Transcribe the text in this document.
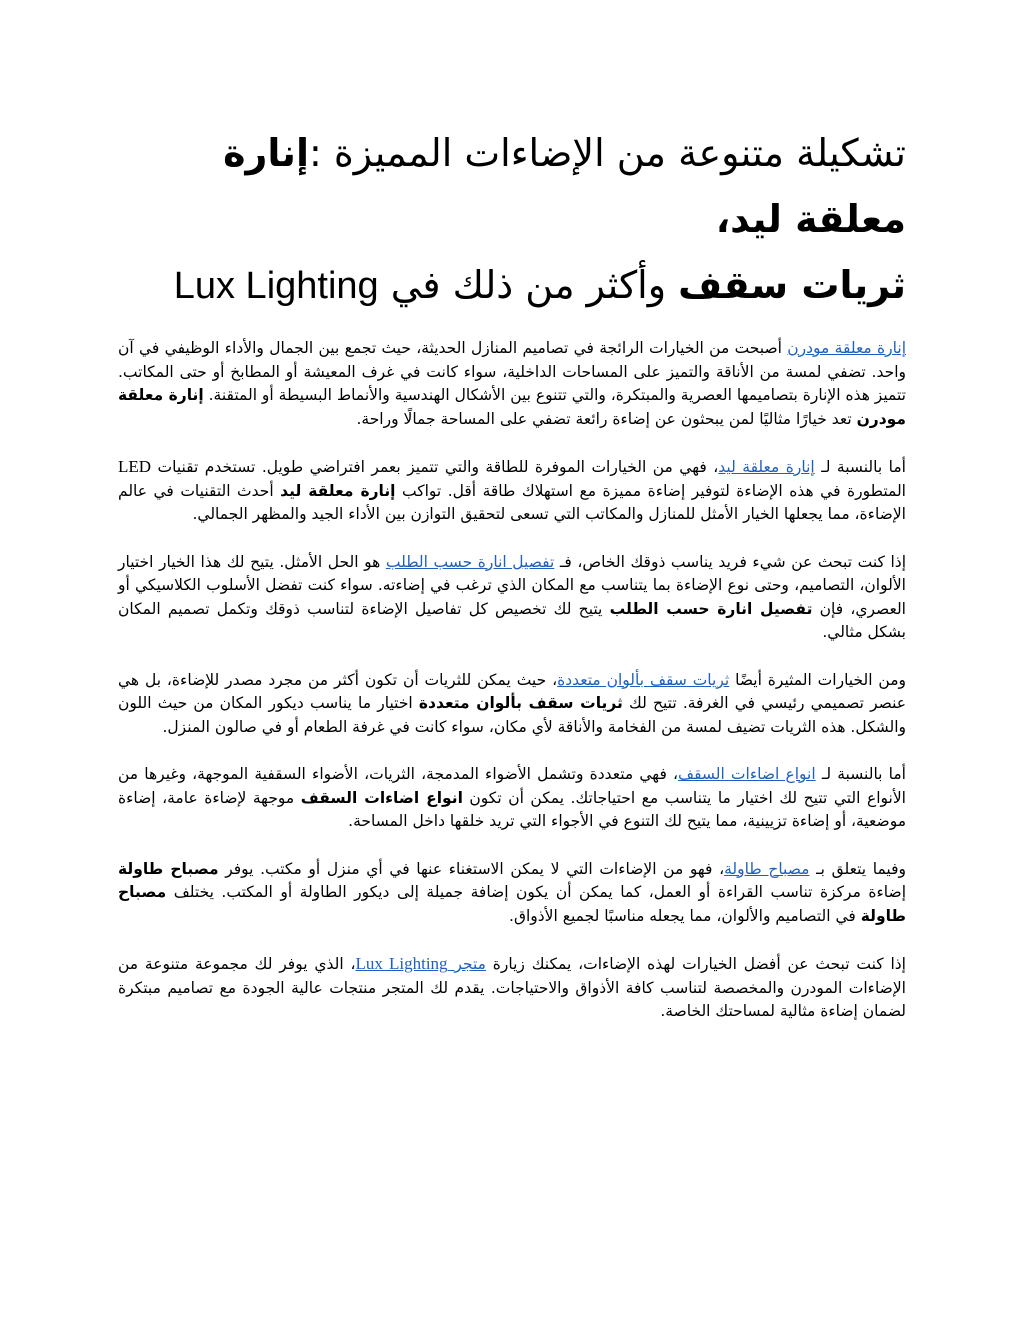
تشكيلة متنوعة من الإضاءات المميزة :إنارة معلقة ليد،
ثريات سقف وأكثر من ذلك في Lux Lighting

إنارة معلقة مودرن أصبحت من الخيارات الرائجة في تصاميم المنازل الحديثة، حيث تجمع بين الجمال والأداء الوظيفي في آن واحد. تضفي لمسة من الأناقة والتميز على المساحات الداخلية، سواء كانت في غرف المعيشة أو المطابخ أو حتى المكاتب. تتميز هذه الإنارة بتصاميمها العصرية والمبتكرة، والتي تتنوع بين الأشكال الهندسية والأنماط البسيطة أو المتقنة. إنارة معلقة مودرن تعد خيارًا مثاليًا لمن يبحثون عن إضاءة رائعة تضفي على المساحة جمالًا وراحة.

أما بالنسبة لـ إنارة معلقة ليد، فهي من الخيارات الموفرة للطاقة والتي تتميز بعمر افتراضي طويل. تستخدم تقنيات LED المتطورة في هذه الإضاءة لتوفير إضاءة مميزة مع استهلاك طاقة أقل. تواكب إنارة معلقة ليد أحدث التقنيات في عالم الإضاءة، مما يجعلها الخيار الأمثل للمنازل والمكاتب التي تسعى لتحقيق التوازن بين الأداء الجيد والمظهر الجمالي.

إذا كنت تبحث عن شيء فريد يناسب ذوقك الخاص، فـ تفصيل انارة حسب الطلب هو الحل الأمثل. يتيح لك هذا الخيار اختيار الألوان، التصاميم، وحتى نوع الإضاءة بما يتناسب مع المكان الذي ترغب في إضاءته. سواء كنت تفضل الأسلوب الكلاسيكي أو العصري، فإن تفصيل انارة حسب الطلب يتيح لك تخصيص كل تفاصيل الإضاءة لتناسب ذوقك وتكمل تصميم المكان بشكل مثالي.

ومن الخيارات المثيرة أيضًا ثريات سقف بألوان متعددة، حيث يمكن للثريات أن تكون أكثر من مجرد مصدر للإضاءة، بل هي عنصر تصميمي رئيسي في الغرفة. تتيح لك ثريات سقف بألوان متعددة اختيار ما يناسب ديكور المكان من حيث اللون والشكل. هذه الثريات تضيف لمسة من الفخامة والأناقة لأي مكان، سواء كانت في غرفة الطعام أو في صالون المنزل.

أما بالنسبة لـ انواع اضاءات السقف، فهي متعددة وتشمل الأضواء المدمجة، الثريات، الأضواء السقفية الموجهة، وغيرها من الأنواع التي تتيح لك اختيار ما يتناسب مع احتياجاتك. يمكن أن تكون انواع اضاءات السقف موجهة لإضاءة عامة، إضاءة موضعية، أو إضاءة تزيينية، مما يتيح لك التنوع في الأجواء التي تريد خلقها داخل المساحة.

وفيما يتعلق بـ مصباح طاولة، فهو من الإضاءات التي لا يمكن الاستغناء عنها في أي منزل أو مكتب. يوفر مصباح طاولة إضاءة مركزة تناسب القراءة أو العمل، كما يمكن أن يكون إضافة جميلة إلى ديكور الطاولة أو المكتب. يختلف مصباح طاولة في التصاميم والألوان، مما يجعله مناسبًا لجميع الأذواق.

إذا كنت تبحث عن أفضل الخيارات لهذه الإضاءات، يمكنك زيارة متجر Lux Lighting، الذي يوفر لك مجموعة متنوعة من الإضاءات المودرن والمخصصة لتناسب كافة الأذواق والاحتياجات. يقدم لك المتجر منتجات عالية الجودة مع تصاميم مبتكرة لضمان إضاءة مثالية لمساحتك الخاصة.
